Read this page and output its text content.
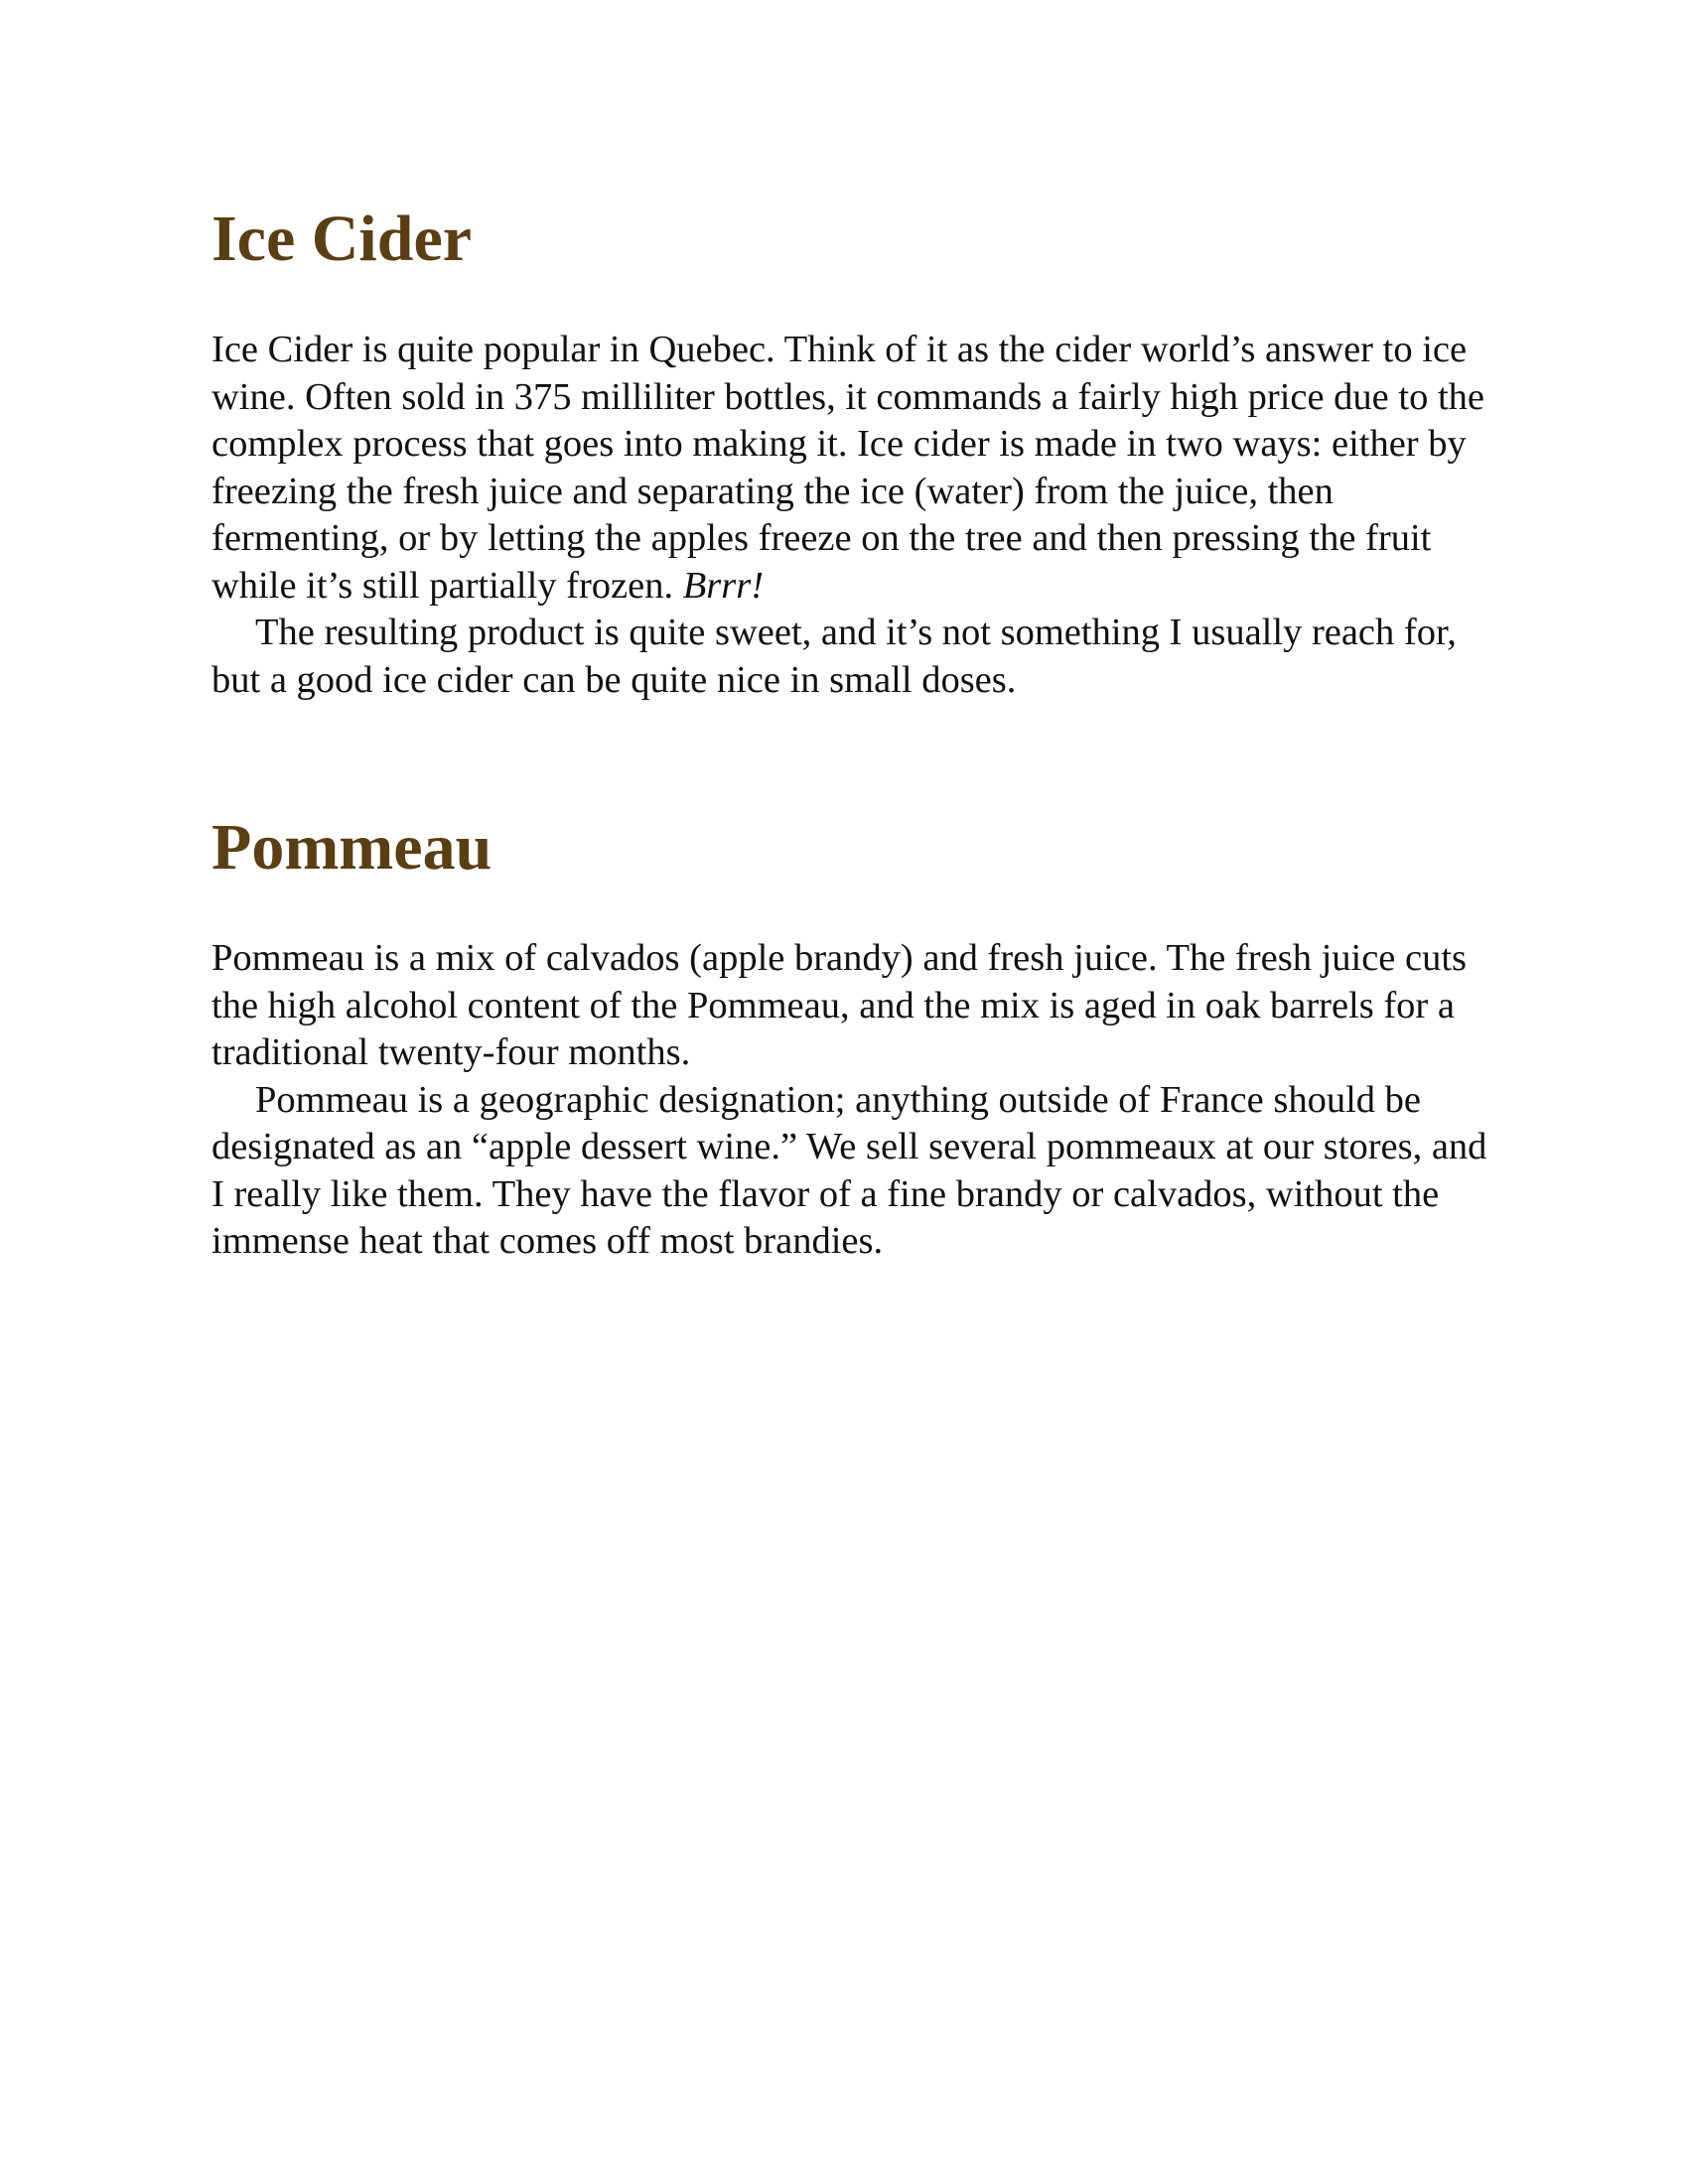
Ice Cider

Ice Cider is quite popular in Quebec. Think of it as the cider world’s answer to ice wine. Often sold in 375 milliliter bottles, it commands a fairly high price due to the complex process that goes into making it. Ice cider is made in two ways: either by freezing the fresh juice and separating the ice (water) from the juice, then fermenting, or by letting the apples freeze on the tree and then pressing the fruit while it’s still partially frozen. Brrr!

The resulting product is quite sweet, and it’s not something I usually reach for, but a good ice cider can be quite nice in small doses.

Pommeau

Pommeau is a mix of calvados (apple brandy) and fresh juice. The fresh juice cuts the high alcohol content of the Pommeau, and the mix is aged in oak barrels for a traditional twenty-four months.

Pommeau is a geographic designation; anything outside of France should be designated as an “apple dessert wine.” We sell several pommeaux at our stores, and I really like them. They have the flavor of a fine brandy or calvados, without the immense heat that comes off most brandies.
